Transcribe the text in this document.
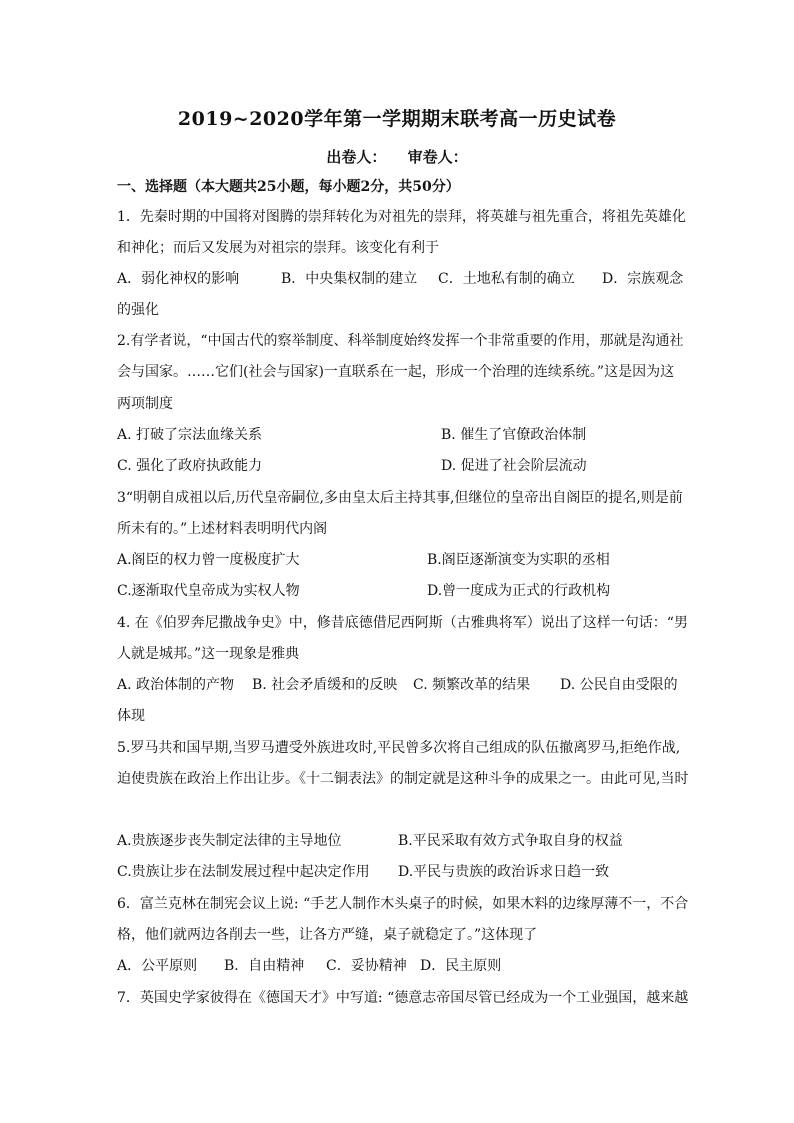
2019~2020学年第一学期期末联考高一历史试卷
出卷人： 审卷人：
一、选择题（本大题共25小题，每小题2分，共50分）
1．先秦时期的中国将对图腾的崇拜转化为对祖先的崇拜，将英雄与祖先重合，将祖先英雄化
和神化；而后又发展为对祖宗的崇拜。该变化有利于
A．弱化神权的影响	B．中央集权制的建立 C．土地私有制的确立 D．宗族观念
的强化
2.有学者说，“中国古代的察举制度、科举制度始终发挥一个非常重要的作用，那就是沟通社
会与国家。……它们(社会与国家)一直联系在一起，形成一个治理的连续系统。”这是因为这
两项制度
A. 打破了宗法血缘关系	B. 催生了官僚政治体制
C. 强化了政府执政能力	D. 促进了社会阶层流动
3“明朝自成祖以后,历代皇帝嗣位,多由皇太后主持其事,但继位的皇帝出自阁臣的提名,则是前
所未有的。”上述材料表明明代内阁
A.阁臣的权力曾一度极度扩大	B.阁臣逐渐演变为实职的丞相
C.逐渐取代皇帝成为实权人物	D.曾一度成为正式的行政机构
4. 在《伯罗奔尼撒战争史》中，修昔底德借尼西阿斯（古雅典将军）说出了这样一句话：“男
人就是城邦。”这一现象是雅典
A. 政治体制的产物 B. 社会矛盾缓和的反映 C. 频繁改革的结果 D. 公民自由受限的
体现
5.罗马共和国早期,当罗马遭受外族进攻时,平民曾多次将自己组成的队伍撤离罗马,拒绝作战,
迫使贵族在政治上作出让步。《十二铜表法》的制定就是这种斗争的成果之一。由此可见,当时
A.贵族逐步丧失制定法律的主导地位	B.平民采取有效方式争取自身的权益
C.贵族让步在法制发展过程中起决定作用 D.平民与贵族的政治诉求日趋一致
6．富兰克林在制宪会议上说: “手艺人制作木头桌子的时候，如果木料的边缘厚薄不一，不合
格，他们就两边各削去一些，让各方严缝，桌子就稳定了。”这体现了
A．公平原则 B．自由精神 C．妥协精神 D．民主原则
7．英国史学家彼得在《德国天才》中写道: “德意志帝国尽管已经成为一个工业强国，越来越
